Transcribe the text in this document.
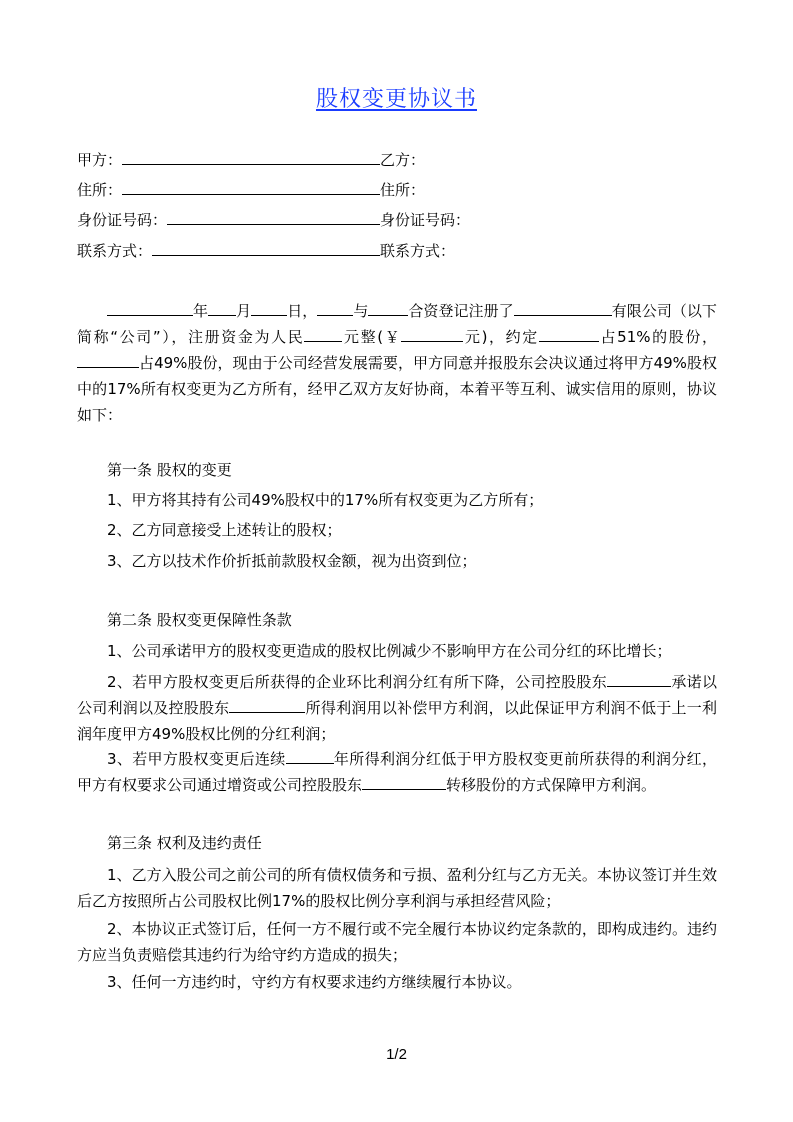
股权变更协议书
甲方：	乙方：
住所：	住所：
身份证号码：	身份证号码：
联系方式：	联系方式：
年 月 日， 与	合资登记注册了	有限公司（以下简称“公司”），注册资金为人民	元整(￥	元)，约定	占51%的股份，占49%股份，现由于公司经营发展需要，甲方同意并报股东会决议通过将甲方49%股权中的17%所有权变更为乙方所有，经甲乙双方友好协商，本着平等互利、诚实信用的原则，协议如下：
第一条 股权的变更
1、甲方将其持有公司49%股权中的17%所有权变更为乙方所有；
2、乙方同意接受上述转让的股权；
3、乙方以技术作价折抵前款股权金额，视为出资到位；
第二条 股权变更保障性条款
1、公司承诺甲方的股权变更造成的股权比例减少不影响甲方在公司分红的环比增长；
2、若甲方股权变更后所获得的企业环比利润分红有所下降，公司控股股东	承诺以公司利润以及控股股东	所得利润用以补偿甲方利润，以此保证甲方利润不低于上一利润年度甲方49%股权比例的分红利润；
3、若甲方股权变更后连续	年所得利润分红低于甲方股权变更前所获得的利润分红，甲方有权要求公司通过增资或公司控股股东	转移股份的方式保障甲方利润。
第三条 权利及违约责任
1、乙方入股公司之前公司的所有债权债务和亏损、盈利分红与乙方无关。本协议签订并生效后乙方按照所占公司股权比例17%的股权比例分享利润与承担经营风险；
2、本协议正式签订后，任何一方不履行或不完全履行本协议约定条款的，即构成违约。违约方应当负责赔偿其违约行为给守约方造成的损失；
3、任何一方违约时，守约方有权要求违约方继续履行本协议。
1/2
